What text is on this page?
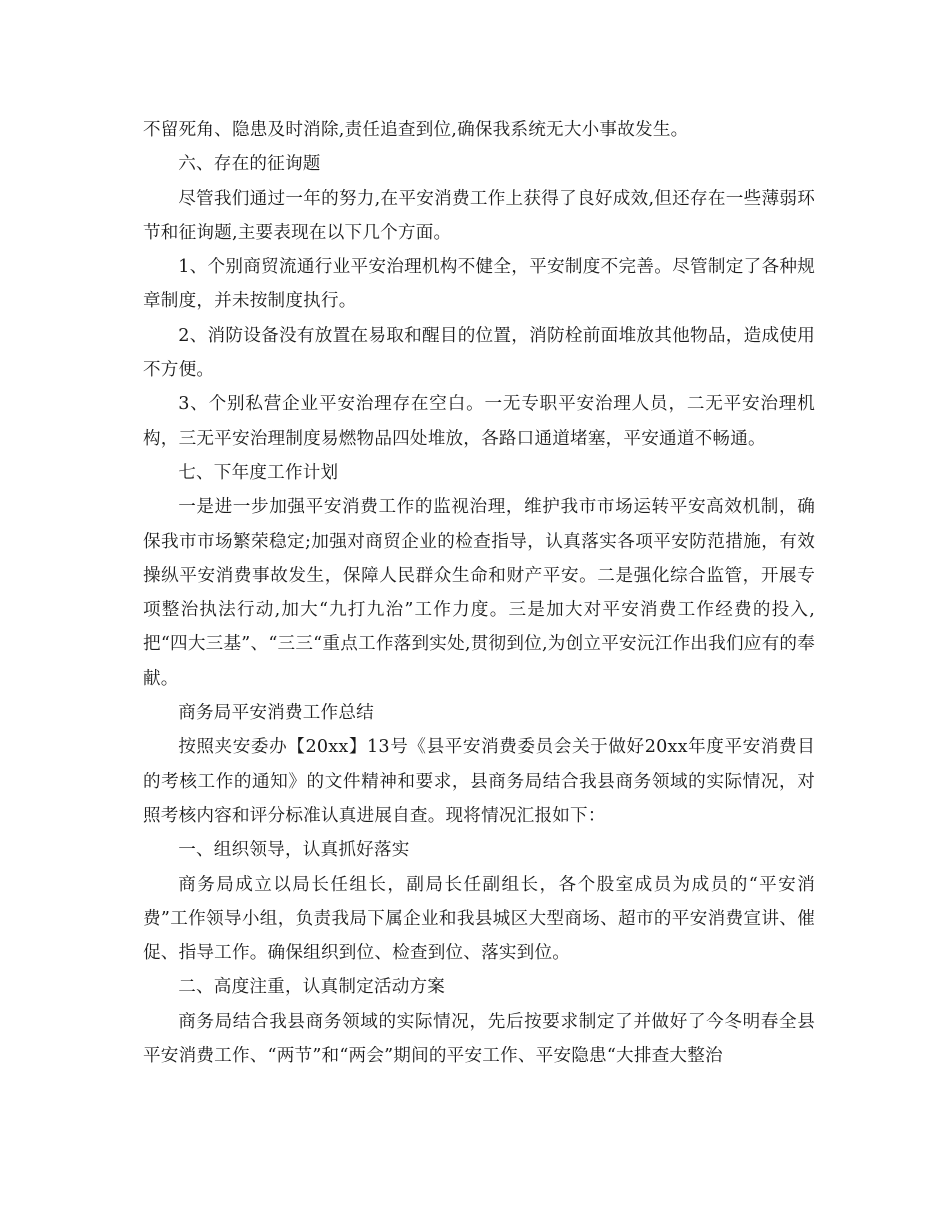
不留死角、隐患及时消除,责任追查到位,确保我系统无大小事故发生。

六、存在的征询题

尽管我们通过一年的努力,在平安消费工作上获得了良好成效,但还存在一些薄弱环节和征询题,主要表现在以下几个方面。

1、个别商贸流通行业平安治理机构不健全，平安制度不完善。尽管制定了各种规章制度，并未按制度执行。

2、消防设备没有放置在易取和醒目的位置，消防栓前面堆放其他物品，造成使用不方便。

3、个别私营企业平安治理存在空白。一无专职平安治理人员，二无平安治理机构，三无平安治理制度易燃物品四处堆放，各路口通道堵塞，平安通道不畅通。

七、下年度工作计划

一是进一步加强平安消费工作的监视治理，维护我市市场运转平安高效机制，确保我市市场繁荣稳定;加强对商贸企业的检查指导，认真落实各项平安防范措施，有效操纵平安消费事故发生，保障人民群众生命和财产平安。二是强化综合监管，开展专项整治执法行动,加大“九打九治”工作力度。三是加大对平安消费工作经费的投入,把“四大三基”、“三三“重点工作落到实处,贯彻到位,为创立平安沅江作出我们应有的奉献。

商务局平安消费工作总结

按照夹安委办【20xx】13号《县平安消费委员会关于做好20xx年度平安消费目的考核工作的通知》的文件精神和要求，县商务局结合我县商务领域的实际情况，对照考核内容和评分标准认真进展自查。现将情况汇报如下：

一、组织领导，认真抓好落实

商务局成立以局长任组长，副局长任副组长，各个股室成员为成员的“平安消费”工作领导小组，负责我局下属企业和我县城区大型商场、超市的平安消费宣讲、催促、指导工作。确保组织到位、检查到位、落实到位。

二、高度注重，认真制定活动方案

商务局结合我县商务领域的实际情况，先后按要求制定了并做好了今冬明春全县平安消费工作、“两节”和“两会”期间的平安工作、平安隐患“大排查大整治
